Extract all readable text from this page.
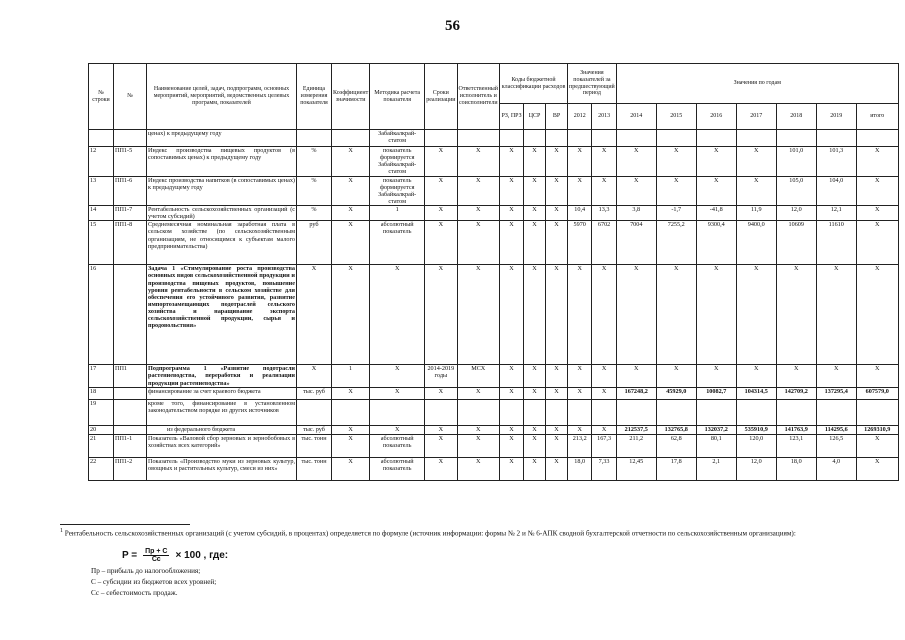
56
№ строки	№	Наименование целей, задач, подпрограмм, основных мероприятий, мероприятий, ведомственных целевых программ, показателей	Единица измерения показателя	Коэффициент значимости	Методика расчета показателя	Сроки реализации	Ответственный исполнитель и соисполнители	Коды бюджетной классификации расходов			Значения показателей за предшествующий период		Значения по годам						
								РЗ, ПРЗ	ЦСР	ВР	2012	2013	2014	2015	2016	2017	2018	2019	итого
		ценах) к предыдущему году			Забайкалкрай-статом														
12	ПП1-5	Индекс производства пищевых продуктов (в сопоставимых ценах) к предыдущему году	%	X	показатель формируется Забайкалкрай-статом	X	X	X	X	X	X	X	X	X	X	X	101,0	101,3	X
13	ПП1-6	Индекс производства напитков (в сопоставимых ценах) к предыдущему году	%	X	показатель формируется Забайкалкрай-статом	X	X	X	X	X	X	X	X	X	X	X	105,0	104,0	X
14	ПП1-7	Рентабельность сельскохозяйственных организаций (с учетом субсидий)	%	X	1	X	X	X	X	X	10,4	13,3	3,8	-1,7	-41,8	11,9	12,0	12,1	X
15	ПП1-8	Среднемесячная номинальная заработная плата в сельском хозяйстве (по сельскохозяйственным организациям, не относящимся к субъектам малого предпринимательства)	руб	X	абсолютный показатель	X	X	X	X	X	5970	6702	7004	7255,2	9300,4	9400,0	10609	11610	X
16		Задача 1 «Стимулирование роста производства основных видов сельскохозяйственной продукции и производства пищевых продуктов, повышение уровня рентабельности в сельском хозяйстве для обеспечения его устойчивого развития, развитие импортозамещающих подотраслей сельского хозяйства и наращивание экспорта сельскохозяйственной продукции, сырья и продовольствия»	X	X	X	X	X	X	X	X	X	X	X	X	X	X	X	X	X
17	ПП1	Подпрограмма 1 «Развитие подотрасли растениеводства, переработки и реализации продукции растениеводства»	X	1	X	2014-2019 годы	МСХ	X	X	X	X	X	X	X	X	X	X	X	X
18		финансирование за счет краевого бюджета	тыс. руб	X	X	X	X	X	X	X	X	X	167248,2	45929,0	10082,7	104314,5	142709,2	137295,4	607579,0
19		кроме того, финансирование в установленном законодательством порядке из других источников																	
20		из федерального бюджета	тыс. руб	X	X	X	X	X	X	X	X	X	212537,5	132765,8	132037,2	535910,9	141763,9	114295,6	1269310,9
21	ПП1-1	Показатель «Валовой сбор зерновых и зернобобовых в хозяйствах всех категорий»	тыс. тонн	X	абсолютный показатель	X	X	X	X	X	213,2	167,3	211,2	62,8	80,1	120,0	123,1	126,5	X
22	ПП1-2	Показатель «Производство муки из зерновых культур, овощных и растительных культур, смеси из них»	тыс. тонн	X	абсолютный показатель	X	X	X	X	X	18,0	7,33	12,45	17,8	2,1	12,0	18,0	4,0	X
$^1$ Рентабельность сельскохозяйственных организаций (с учетом субсидий, в процентах) определяется по формуле (источник информации: формы № 2 и № 6-АПК сводной бухгалтерской отчетности по сельскохозяйственным организациям):
$P = \frac{Пр + С}{Сс} \times 100$ , где:
Пр – прибыль до налогообложения;
С – субсидии из бюджетов всех уровней;
Сс – себестоимость продаж.
